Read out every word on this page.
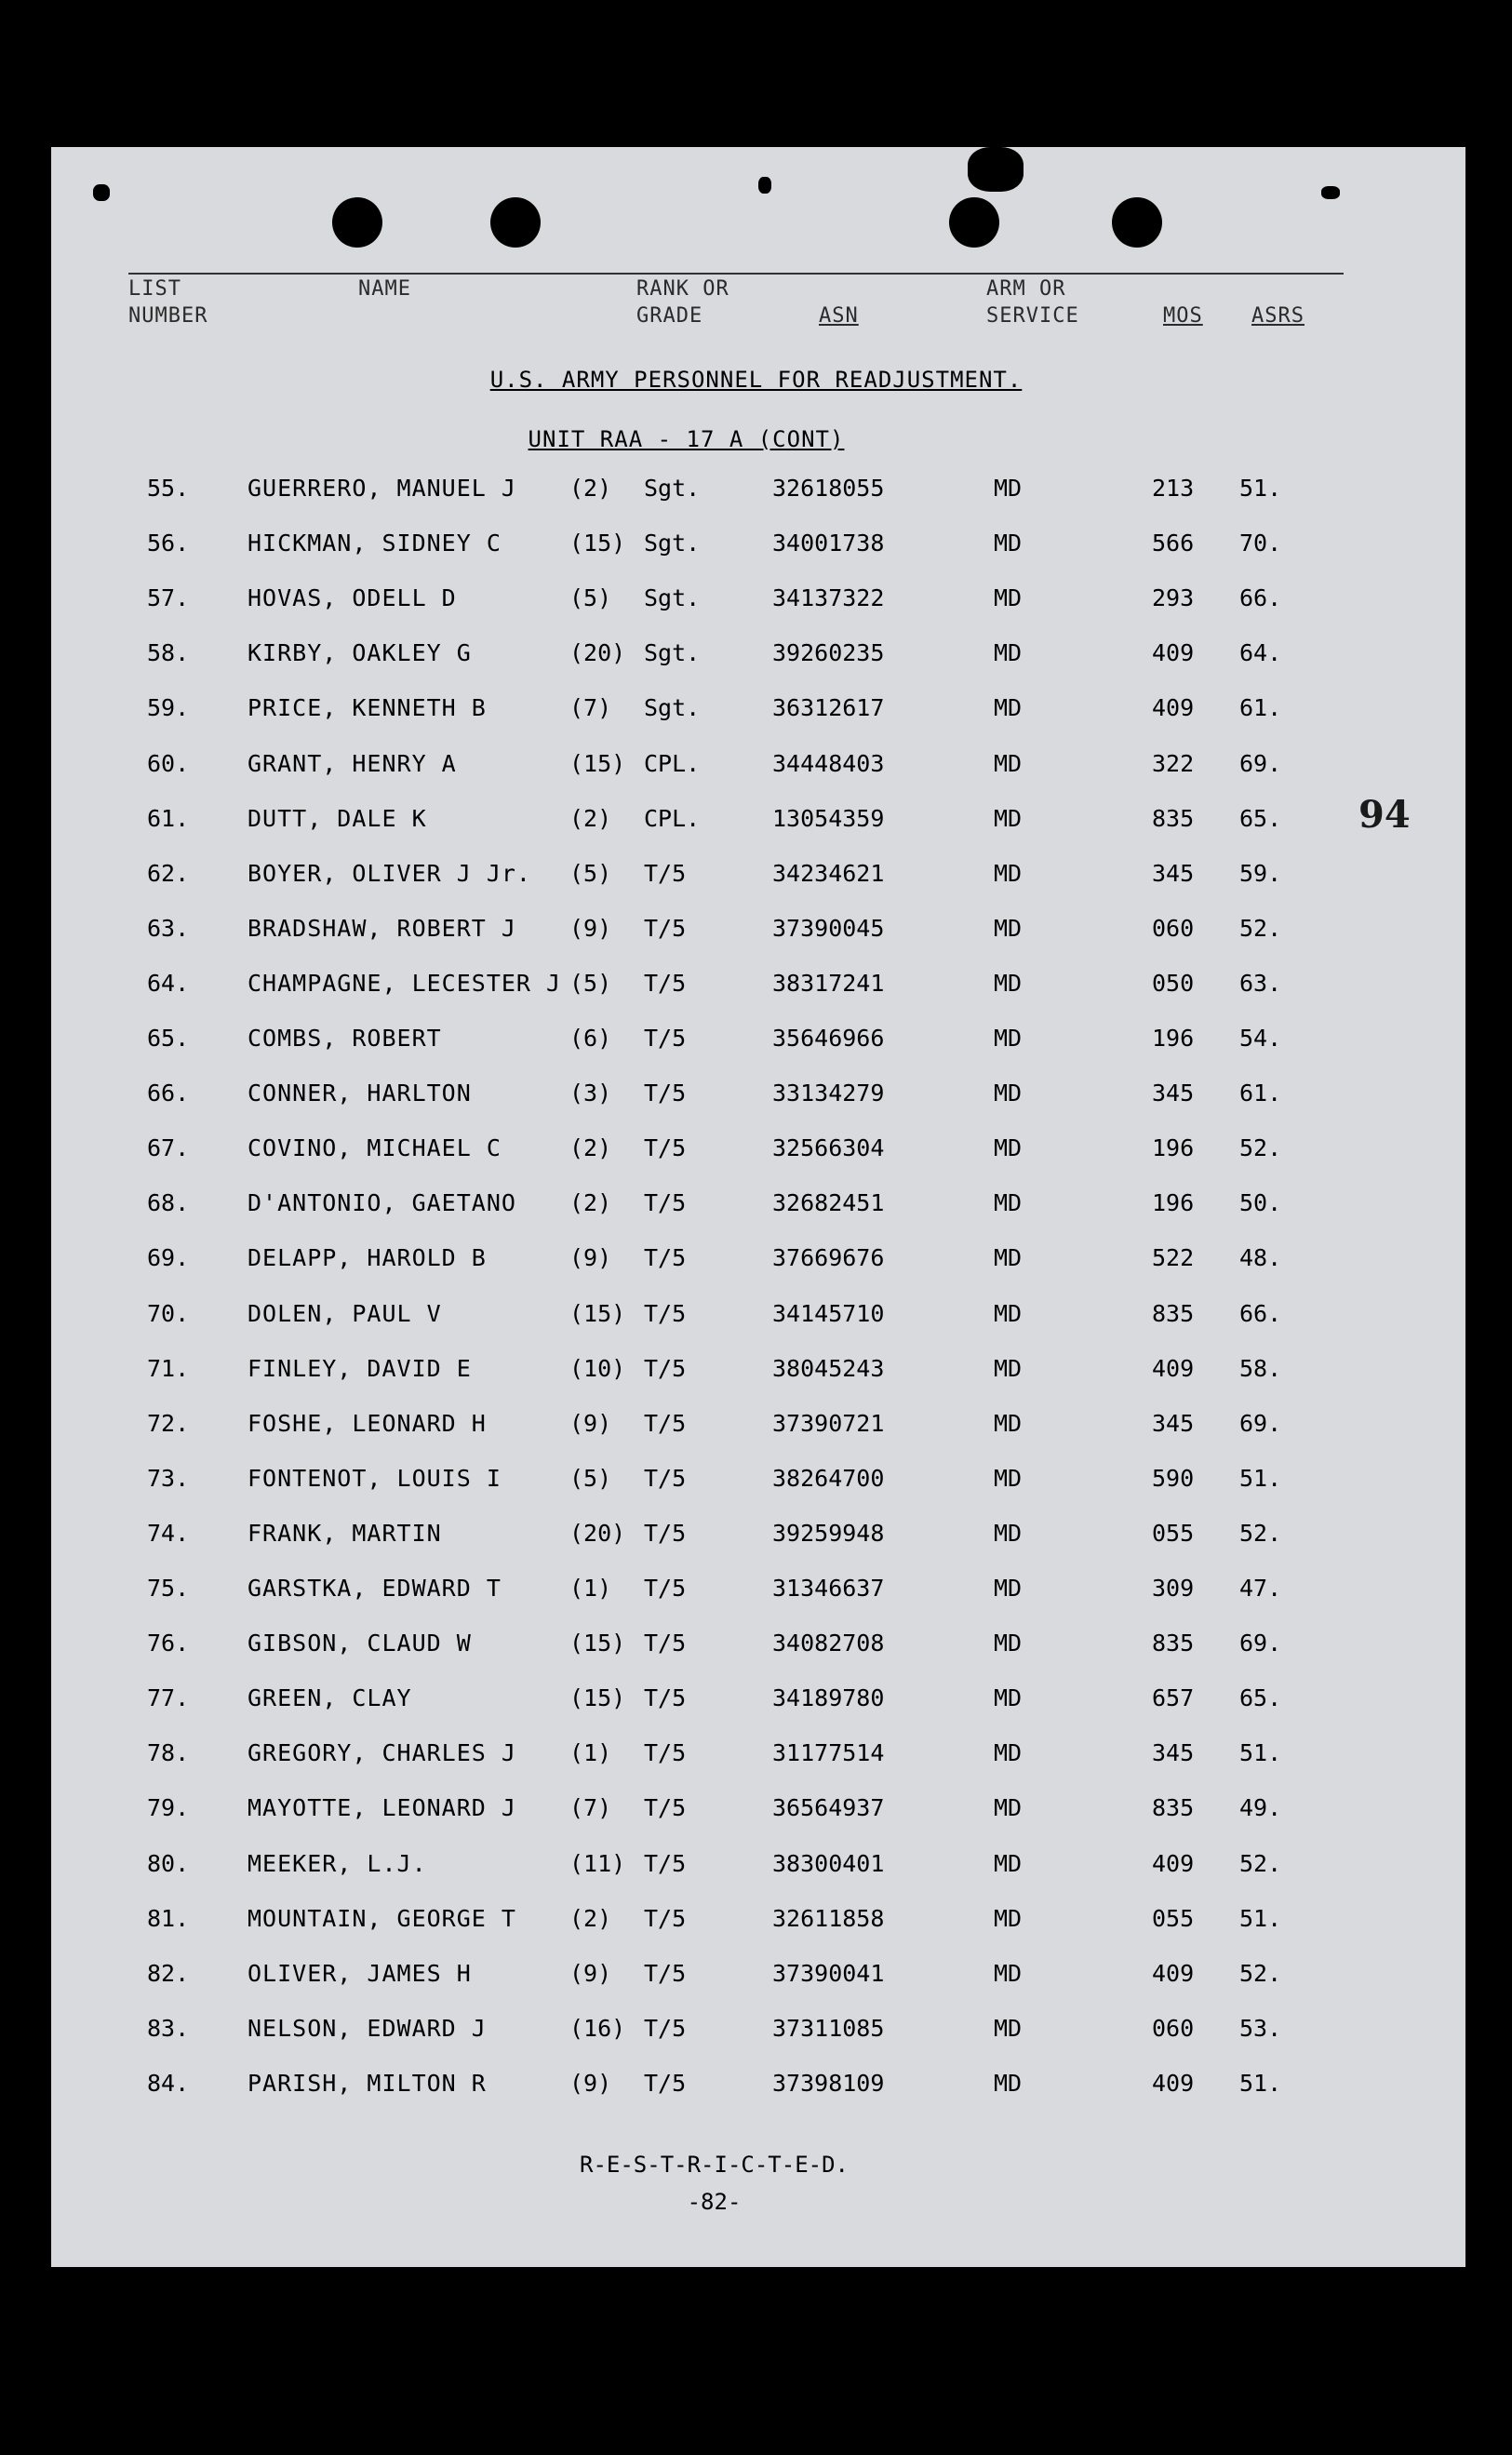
LIST
NUMBER
NAME	RANK OR
GRADE	ASN
ARM OR
SERVICE	MOS ASRS
U.S. ARMY PERSONNEL FOR READJUSTMENT.
UNIT RAA - 17 A (CONT)
55.	GUERRERO, MANUEL J (2) Sgt.	32618055	MD	213 51.
56.	HICKMAN, SIDNEY C	(15) Sgt.	34001738	MD	566 70.
57.	HOVAS, ODELL D	(5) Sgt.	34137322	MD	293 66.
58.	KIRBY, OAKLEY G	(20) Sgt.	39260235	MD	409 64.
59.	PRICE, KENNETH B	(7) Sgt.	36312617	MD	409 61.
60.	GRANT, HENRY A	(15) CPL.	34448403	MD	322 69.
61.	DUTT, DALE K	(2) CPL.	13054359	MD	835 65.
62.	BOYER, OLIVER J Jr. (5) T/5	34234621	MD	345 59.
63.	BRADSHAW, ROBERT J (9) T/5	37390045	MD	060 52.
64.	CHAMPAGNE, LECESTER J (5) T/5	38317241	MD	050 63.
65.	COMBS, ROBERT	(6) T/5	35646966	MD	196 54.
66.	CONNER, HARLTON	(3) T/5	33134279	MD	345 61.
67.	COVINO, MICHAEL C	(2) T/5	32566304	MD	196 52.
68.	D'ANTONIO, GAETANO (2) T/5	32682451	MD	196 50.
69.	DELAPP, HAROLD B	(9) T/5	37669676	MD	522 48.
70.	DOLEN, PAUL V	(15) T/5	34145710	MD	835 66.
71.	FINLEY, DAVID E	(10) T/5	38045243	MD	409 58.
72.	FOSHE, LEONARD H	(9) T/5	37390721	MD	345 69.
73.	FONTENOT, LOUIS I	(5) T/5	38264700	MD	590 51.
74.	FRANK, MARTIN	(20) T/5	39259948	MD	055 52.
75.	GARSTKA, EDWARD T	(1) T/5	31346637	MD	309 47.
76.	GIBSON, CLAUD W	(15) T/5	34082708	MD	835 69.
77.	GREEN, CLAY	(15) T/5	34189780	MD	657 65.
78.	GREGORY, CHARLES J (1) T/5	31177514	MD	345 51.
79.	MAYOTTE, LEONARD J (7) T/5	36564937	MD	835 49.
80.	MEEKER, L.J.	(11) T/5	38300401	MD	409 52.
81.	MOUNTAIN, GEORGE T (2) T/5	32611858	MD	055 51.
82.	OLIVER, JAMES H	(9) T/5	37390041	MD	409 52.
83.	NELSON, EDWARD J	(16) T/5	37311085	MD	060 53.
84.	PARISH, MILTON R	(9) T/5	37398109	MD	409 51.
94
R-E-S-T-R-I-C-T-E-D.
-82-
